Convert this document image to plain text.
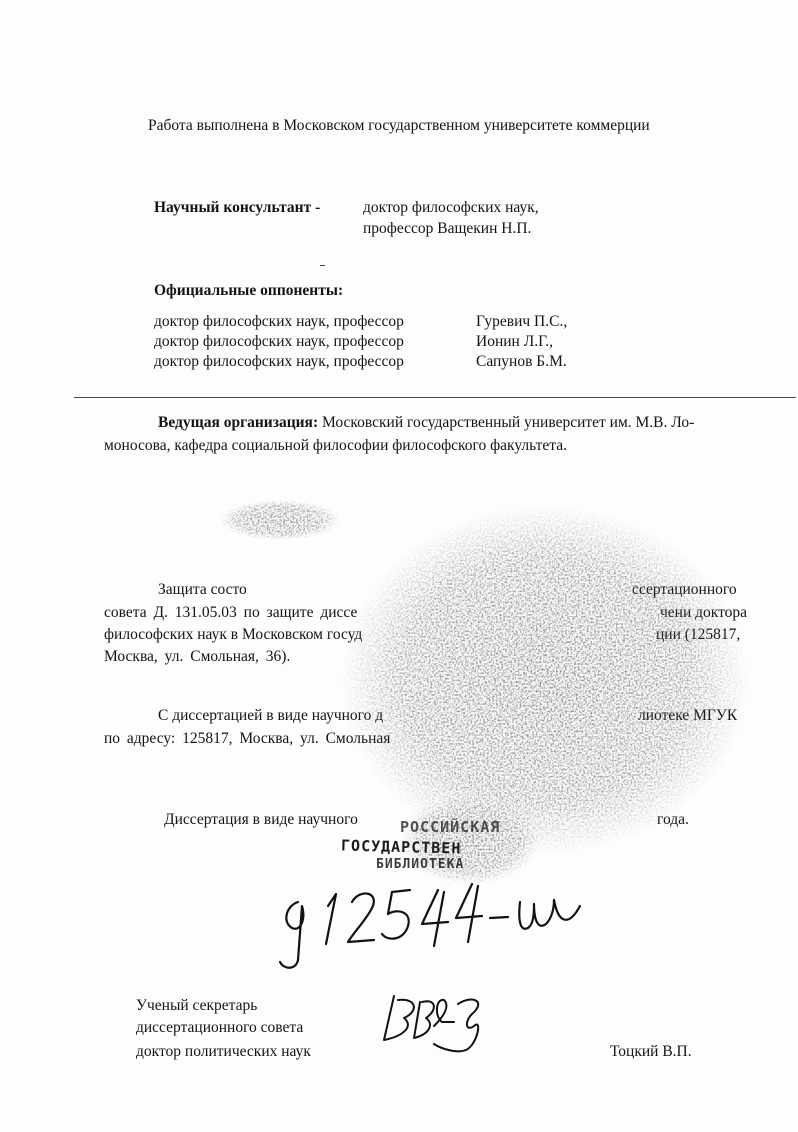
РОССИЙСКАЯ
ГОСУДАРСТВЕН
БИБЛИОТЕКА
Ученый секретарь
диссертационного совета
доктор политических наук	Тоцкий В.П.
